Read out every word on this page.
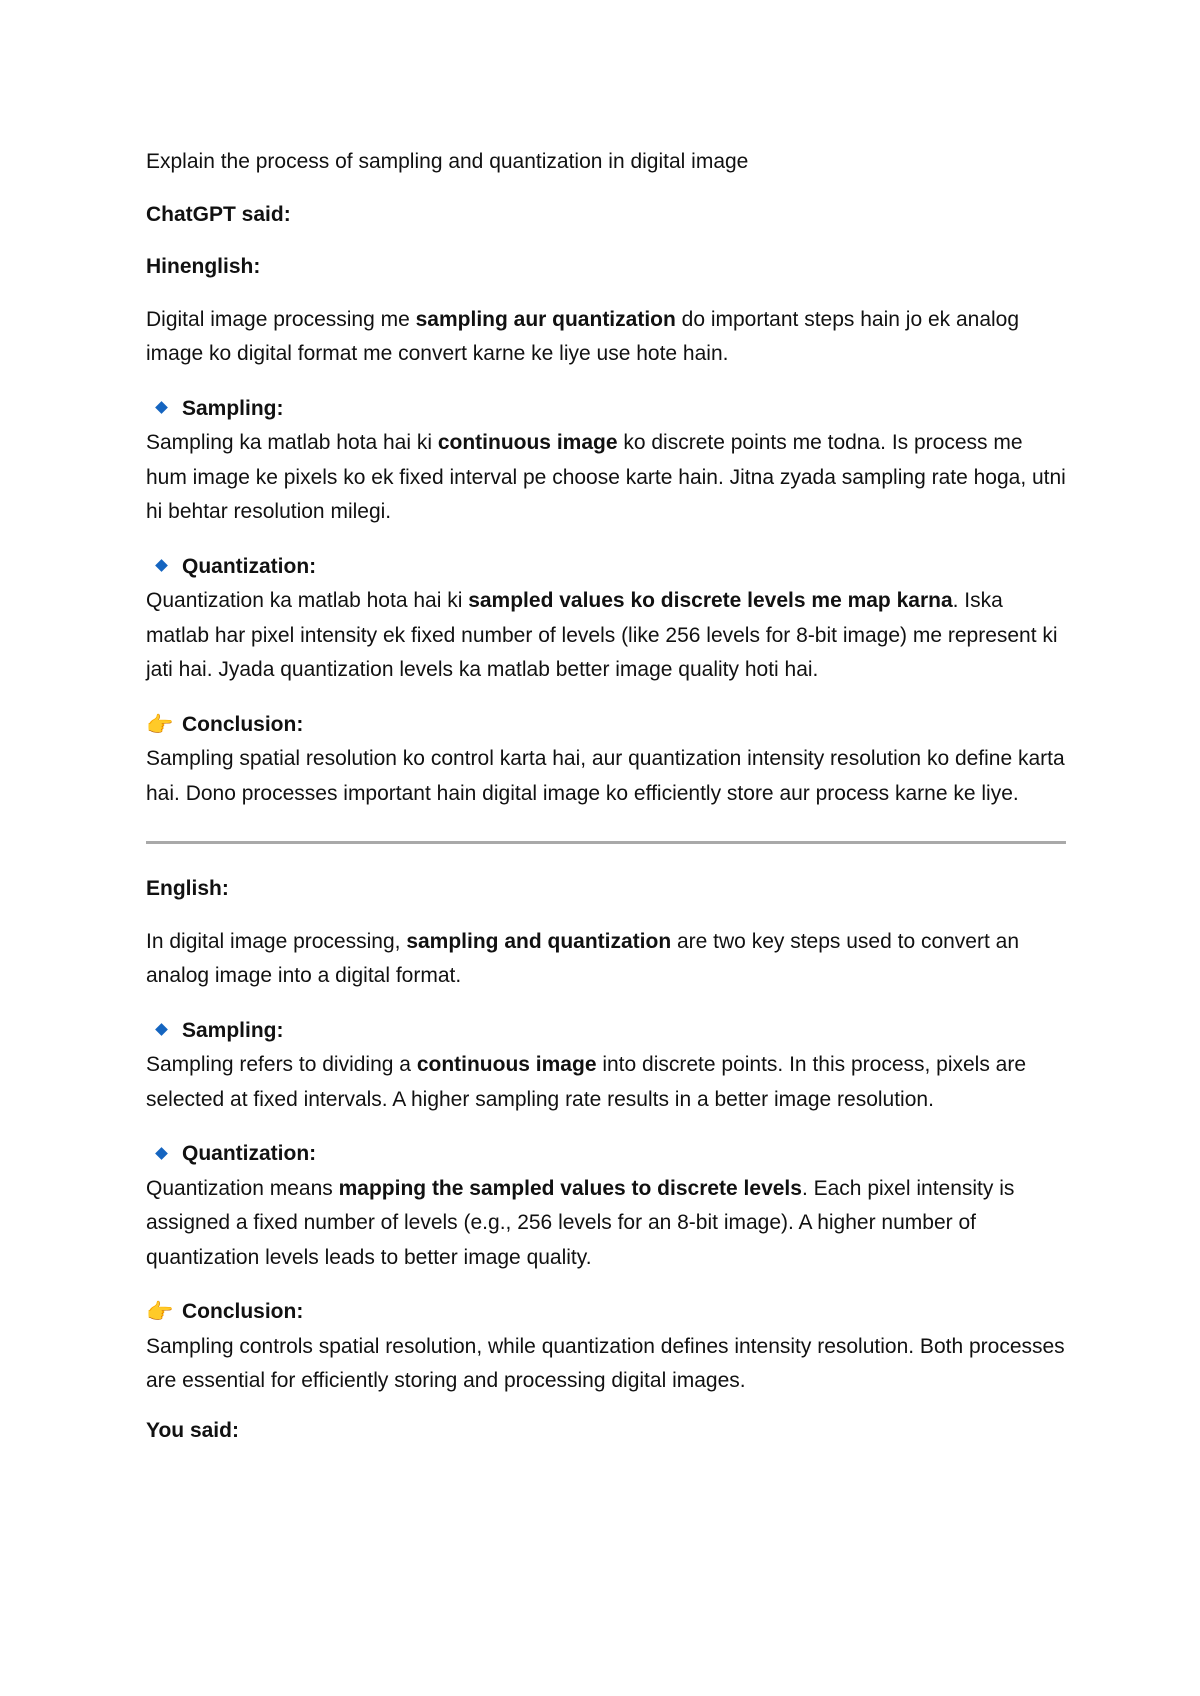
Explain the process of sampling and quantization in digital image

ChatGPT said:

Hinenglish:

Digital image processing me sampling aur quantization do important steps hain jo ek analog image ko digital format me convert karne ke liye use hote hain.

Sampling:
Sampling ka matlab hota hai ki continuous image ko discrete points me todna. Is process me hum image ke pixels ko ek fixed interval pe choose karte hain. Jitna zyada sampling rate hoga, utni hi behtar resolution milegi.

Quantization:
Quantization ka matlab hota hai ki sampled values ko discrete levels me map karna. Iska matlab har pixel intensity ek fixed number of levels (like 256 levels for 8-bit image) me represent ki jati hai. Jyada quantization levels ka matlab better image quality hoti hai.

👉 Conclusion:
Sampling spatial resolution ko control karta hai, aur quantization intensity resolution ko define karta hai. Dono processes important hain digital image ko efficiently store aur process karne ke liye.

English:

In digital image processing, sampling and quantization are two key steps used to convert an analog image into a digital format.

Sampling:
Sampling refers to dividing a continuous image into discrete points. In this process, pixels are selected at fixed intervals. A higher sampling rate results in a better image resolution.

Quantization:
Quantization means mapping the sampled values to discrete levels. Each pixel intensity is assigned a fixed number of levels (e.g., 256 levels for an 8-bit image). A higher number of quantization levels leads to better image quality.

👉 Conclusion:
Sampling controls spatial resolution, while quantization defines intensity resolution. Both processes are essential for efficiently storing and processing digital images.

You said:
